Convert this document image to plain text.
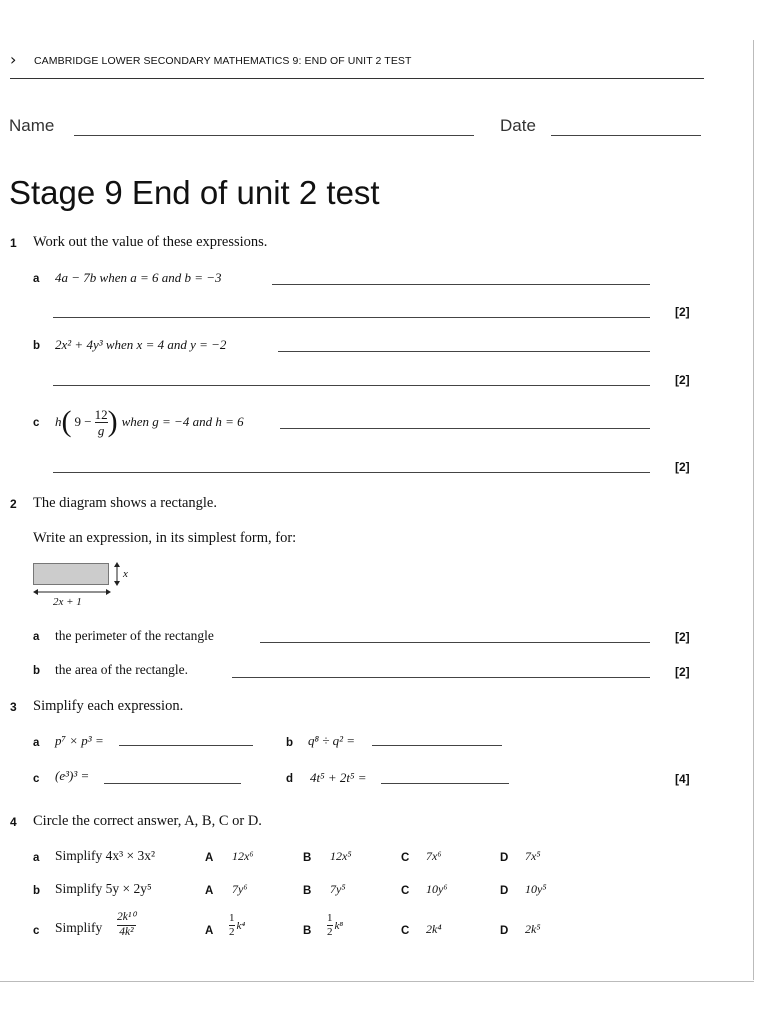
› CAMBRIDGE LOWER SECONDARY MATHEMATICS 9: END OF UNIT 2 TEST
Name	Date
Stage 9 End of unit 2 test
1 Work out the value of these expressions.
a 4a − 7b when a = 6 and b = −3
[2]
b 2x² + 4y³ when x = 4 and y = −2
[2]
c h ( $9 - \frac{12}{g}$ ) when g = −4 and h = 6
[2]
2 The diagram shows a rectangle.
Write an expression, in its simplest form, for:
x
2x + 1
a the perimeter of the rectangle	[2]
b the area of the rectangle.	[2]
3 Simplify each expression.
a p⁷ × p³ =	b q⁸ ÷ q² =
c (e³)³ =	d 4t⁵ + 2t⁵ =	[4]
4 Circle the correct answer, A, B, C or D.
a Simplify 4x³ × 3x²	A 12x⁶	B 12x⁵	C 7x⁶	D 7x⁵
b Simplify 5y × 2y⁵	A 7y⁶	B 7y⁵	C 10y⁶	D 10y⁵
c Simplify $\frac{\text{2k¹⁰}}{\text{4k²}}$	A $\frac{1}{2} k^4$	B $\frac{1}{2} k^8$	C 2k⁴	D 2k⁵
